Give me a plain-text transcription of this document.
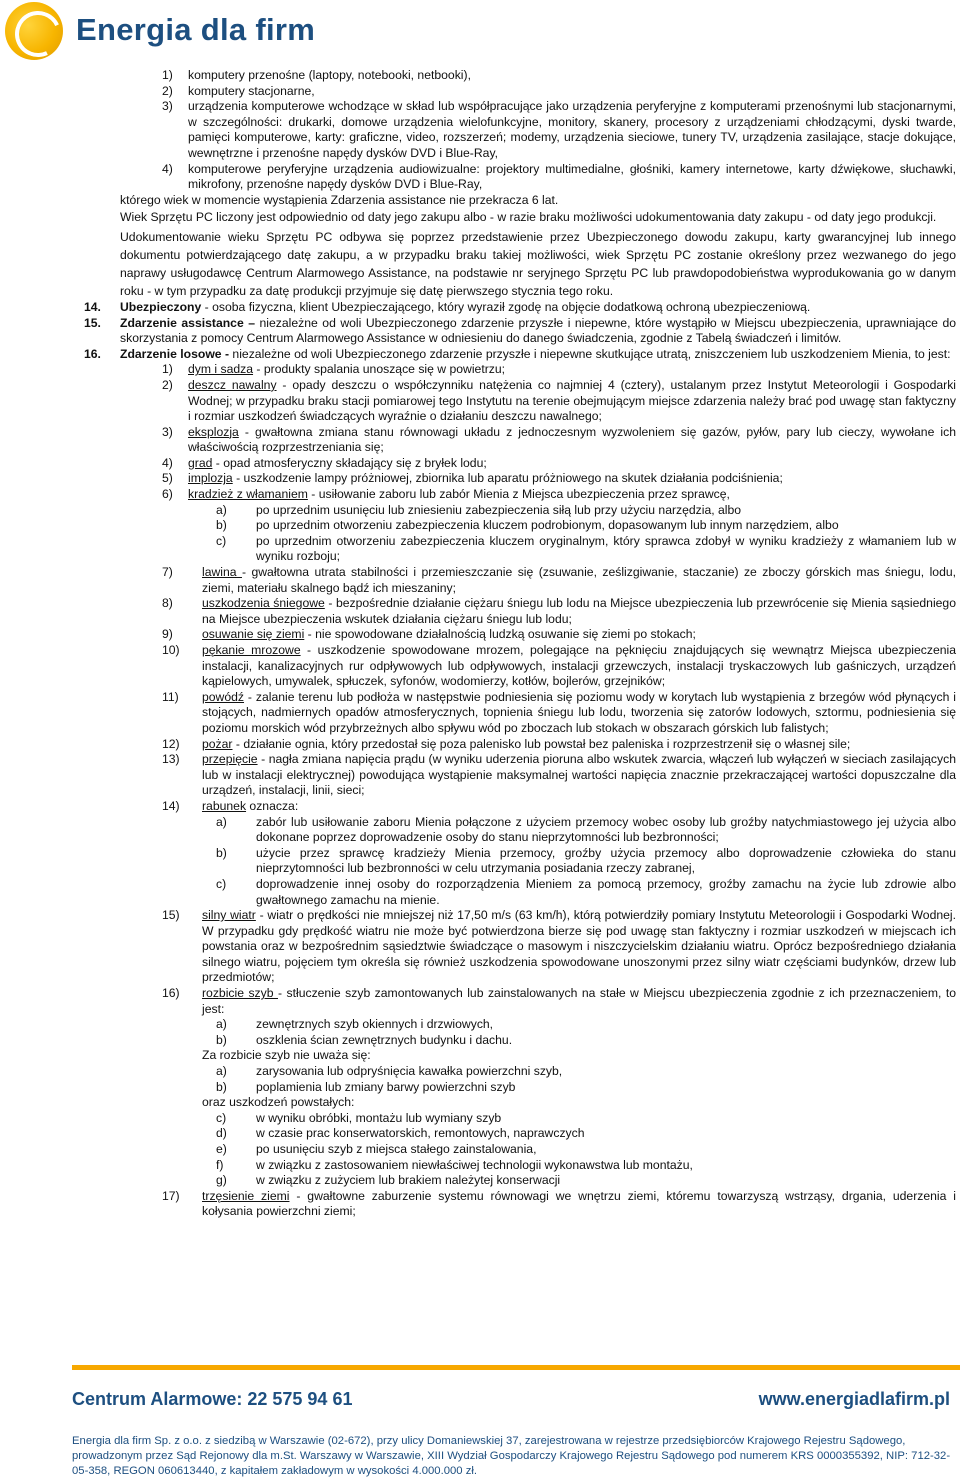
Energia dla firm
1) komputery przenośne (laptopy, notebooki, netbooki),
2) komputery stacjonarne,
3) urządzenia komputerowe wchodzące w skład lub współpracujące jako urządzenia peryferyjne z komputerami przenośnymi lub stacjonarnymi, w szczególności: drukarki, domowe urządzenia wielofunkcyjne, monitory, skanery, procesory z urządzeniami chłodzącymi, dyski twarde, pamięci komputerowe, karty: graficzne, video, rozszerzeń; modemy, urządzenia sieciowe, tunery TV, urządzenia zasilające, stacje dokujące, wewnętrzne i przenośne napędy dysków DVD i Blue-Ray,
4) komputerowe peryferyjne urządzenia audiowizualne: projektory multimedialne, głośniki, kamery internetowe, karty dźwiękowe, słuchawki, mikrofony, przenośne napędy dysków DVD i Blue-Ray,
którego wiek w momencie wystąpienia Zdarzenia assistance nie przekracza 6 lat.
Wiek Sprzętu PC liczony jest odpowiednio od daty jego zakupu albo - w razie braku możliwości udokumentowania daty zakupu - od daty jego produkcji.
Udokumentowanie wieku Sprzętu PC odbywa się poprzez przedstawienie przez Ubezpieczonego dowodu zakupu, karty gwarancyjnej lub innego dokumentu potwierdzającego datę zakupu, a w przypadku braku takiej możliwości, wiek Sprzętu PC zostanie określony przez wezwanego do jego naprawy usługodawcę Centrum Alarmowego Assistance, na podstawie nr seryjnego Sprzętu PC lub prawdopodobieństwa wyprodukowania go w danym roku - w tym przypadku za datę produkcji przyjmuje się datę pierwszego stycznia tego roku.
14. Ubezpieczony - osoba fizyczna, klient Ubezpieczającego, który wyraził zgodę na objęcie dodatkową ochroną ubezpieczeniową.
15. Zdarzenie assistance – niezależne od woli Ubezpieczonego zdarzenie przyszłe i niepewne, które wystąpiło w Miejscu ubezpieczenia, uprawniające do skorzystania z pomocy Centrum Alarmowego Assistance w odniesieniu do danego świadczenia, zgodnie z Tabelą świadczeń i limitów.
16. Zdarzenie losowe - niezależne od woli Ubezpieczonego zdarzenie przyszłe i niepewne skutkujące utratą, zniszczeniem lub uszkodzeniem Mienia, to jest:
1) dym i sadza - produkty spalania unoszące się w powietrzu;
2) deszcz nawalny - opady deszczu o współczynniku natężenia co najmniej 4 (cztery), ustalanym przez Instytut Meteorologii i Gospodarki Wodnej; w przypadku braku stacji pomiarowej tego Instytutu na terenie obejmującym miejsce zdarzenia należy brać pod uwagę stan faktyczny i rozmiar uszkodzeń świadczących wyraźnie o działaniu deszczu nawalnego;
3) eksplozja - gwałtowna zmiana stanu równowagi układu z jednoczesnym wyzwoleniem się gazów, pyłów, pary lub cieczy, wywołane ich właściwością rozprzestrzeniania się;
4) grad - opad atmosferyczny składający się z bryłek lodu;
5) implozja - uszkodzenie lampy próżniowej, zbiornika lub aparatu próżniowego na skutek działania podciśnienia;
6) kradzież z włamaniem - usiłowanie zaboru lub zabór Mienia z Miejsca ubezpieczenia przez sprawcę,
a) po uprzednim usunięciu lub zniesieniu zabezpieczenia siłą lub przy użyciu narzędzia, albo
b) po uprzednim otworzeniu zabezpieczenia kluczem podrobionym, dopasowanym lub innym narzędziem, albo
c) po uprzednim otworzeniu zabezpieczenia kluczem oryginalnym, który sprawca zdobył w wyniku kradzieży z włamaniem lub w wyniku rozboju;
7) lawina - gwałtowna utrata stabilności i przemieszczanie się (zsuwanie, ześlizgiwanie, staczanie) ze zboczy górskich mas śniegu, lodu, ziemi, materiału skalnego bądź ich mieszaniny;
8) uszkodzenia śniegowe - bezpośrednie działanie ciężaru śniegu lub lodu na Miejsce ubezpieczenia lub przewrócenie się Mienia sąsiedniego na Miejsce ubezpieczenia wskutek działania ciężaru śniegu lub lodu;
9) osuwanie się ziemi - nie spowodowane działalnością ludzką osuwanie się ziemi po stokach;
10) pękanie mrozowe - uszkodzenie spowodowane mrozem, polegające na pęknięciu znajdujących się wewnątrz Miejsca ubezpieczenia instalacji, kanalizacyjnych rur odpływowych lub odpływowych, instalacji grzewczych, instalacji tryskaczowych lub gaśniczych, urządzeń kąpielowych, umywalek, spłuczek, syfonów, wodomierzy, kotłów, bojlerów, grzejników;
11) powódź - zalanie terenu lub podłoża w następstwie podniesienia się poziomu wody w korytach lub wystąpienia z brzegów wód płynących i stojących, nadmiernych opadów atmosferycznych, topnienia śniegu lub lodu, tworzenia się zatorów lodowych, sztormu, podniesienia się poziomu morskich wód przybrzeżnych albo spływu wód po zboczach lub stokach w obszarach górskich lub falistych;
12) pożar - działanie ognia, który przedostał się poza palenisko lub powstał bez paleniska i rozprzestrzenił się o własnej sile;
13) przepięcie - nagła zmiana napięcia prądu (w wyniku uderzenia pioruna albo wskutek zwarcia, włączeń lub wyłączeń w sieciach zasilających lub w instalacji elektrycznej) powodująca wystąpienie maksymalnej wartości napięcia znacznie przekraczającej wartości dopuszczalne dla urządzeń, instalacji, linii, sieci;
14) rabunek oznacza:
a) zabór lub usiłowanie zaboru Mienia połączone z użyciem przemocy wobec osoby lub groźby natychmiastowego jej użycia albo dokonane poprzez doprowadzenie osoby do stanu nieprzytomności lub bezbronności;
b) użycie przez sprawcę kradzieży Mienia przemocy, groźby użycia przemocy albo doprowadzenie człowieka do stanu nieprzytomności lub bezbronności w celu utrzymania posiadania rzeczy zabranej,
c) doprowadzenie innej osoby do rozporządzenia Mieniem za pomocą przemocy, groźby zamachu na życie lub zdrowie albo gwałtownego zamachu na mienie.
15) silny wiatr - wiatr o prędkości nie mniejszej niż 17,50 m/s (63 km/h), którą potwierdziły pomiary Instytutu Meteorologii i Gospodarki Wodnej. W przypadku gdy prędkość wiatru nie może być potwierdzona bierze się pod uwagę stan faktyczny i rozmiar uszkodzeń w miejscach ich powstania oraz w bezpośrednim sąsiedztwie świadczące o masowym i niszczycielskim działaniu wiatru. Oprócz bezpośredniego działania silnego wiatru, pojęciem tym określa się również uszkodzenia spowodowane unoszonymi przez silny wiatr częściami budynków, drzew lub przedmiotów;
16) rozbicie szyb - stłuczenie szyb zamontowanych lub zainstalowanych na stałe w Miejscu ubezpieczenia zgodnie z ich przeznaczeniem, to jest:
a) zewnętrznych szyb okiennych i drzwiowych,
b) oszklenia ścian zewnętrznych budynku i dachu.
Za rozbicie szyb nie uważa się:
a) zarysowania lub odpryśnięcia kawałka powierzchni szyb,
b) poplamienia lub zmiany barwy powierzchni szyb
oraz uszkodzeń powstałych:
c) w wyniku obróbki, montażu lub wymiany szyb
d) w czasie prac konserwatorskich, remontowych, naprawczych
e) po usunięciu szyb z miejsca stałego zainstalowania,
f)	w związku z zastosowaniem niewłaściwej technologii wykonawstwa lub montażu,
g) w związku z zużyciem lub brakiem należytej konserwacji
17) trzęsienie ziemi - gwałtowne zaburzenie systemu równowagi we wnętrzu ziemi, któremu towarzyszą wstrząsy, drgania, uderzenia i kołysania powierzchni ziemi;
Centrum Alarmowe: 22 575 94 61	www.energiadlafirm.pl
Energia dla firm Sp. z o.o. z siedzibą w Warszawie (02-672), przy ulicy Domaniewskiej 37, zarejestrowana w rejestrze przedsiębiorców Krajowego Rejestru Sądowego, prowadzonym przez Sąd Rejonowy dla m.St. Warszawy w Warszawie, XIII Wydział Gospodarczy Krajowego Rejestru Sądowego pod numerem KRS 0000355392, NIP: 712-32-05-358, REGON 060613440, z kapitałem zakładowym w wysokości 4.000.000 zł.
